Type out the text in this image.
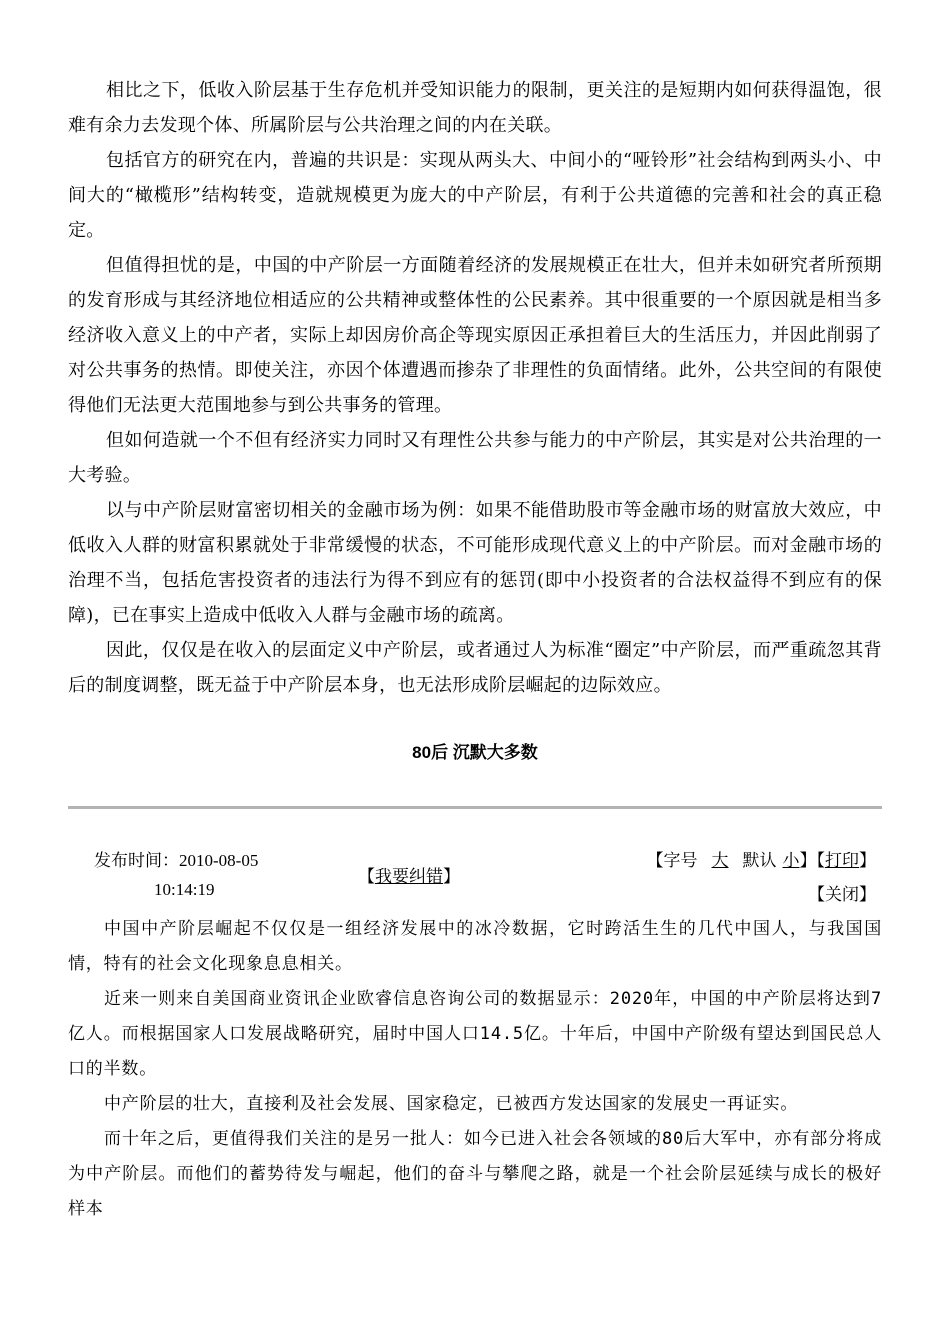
相比之下，低收入阶层基于生存危机并受知识能力的限制，更关注的是短期内如何获得温饱，很难有余力去发现个体、所属阶层与公共治理之间的内在关联。

包括官方的研究在内，普遍的共识是：实现从两头大、中间小的“哑铃形”社会结构到两头小、中间大的“橄榄形”结构转变，造就规模更为庞大的中产阶层，有利于公共道德的完善和社会的真正稳定。

但值得担忧的是，中国的中产阶层一方面随着经济的发展规模正在壮大，但并未如研究者所预期的发育形成与其经济地位相适应的公共精神或整体性的公民素养。其中很重要的一个原因就是相当多经济收入意义上的中产者，实际上却因房价高企等现实原因正承担着巨大的生活压力，并因此削弱了对公共事务的热情。即使关注，亦因个体遭遇而掺杂了非理性的负面情绪。此外，公共空间的有限使得他们无法更大范围地参与到公共事务的管理。

但如何造就一个不但有经济实力同时又有理性公共参与能力的中产阶层，其实是对公共治理的一大考验。

以与中产阶层财富密切相关的金融市场为例：如果不能借助股市等金融市场的财富放大效应，中低收入人群的财富积累就处于非常缓慢的状态，不可能形成现代意义上的中产阶层。而对金融市场的治理不当，包括危害投资者的违法行为得不到应有的惩罚(即中小投资者的合法权益得不到应有的保障)，已在事实上造成中低收入人群与金融市场的疏离。

因此，仅仅是在收入的层面定义中产阶层，或者通过人为标准“圈定”中产阶层，而严重疏忽其背后的制度调整，既无益于中产阶层本身，也无法形成阶层崛起的边际效应。

80后 沉默大多数
发布时间：2010-08-05
10:14:19
【我要纠错】
【字号 大 默认 小】【打印】
【关闭】

中国中产阶层崛起不仅仅是一组经济发展中的冰冷数据，它时跨活生生的几代中国人，与我国国情，特有的社会文化现象息息相关。

近来一则来自美国商业资讯企业欧睿信息咨询公司的数据显示：2020年，中国的中产阶层将达到7亿人。而根据国家人口发展战略研究，届时中国人口14.5亿。十年后，中国中产阶级有望达到国民总人口的半数。

中产阶层的壮大，直接利及社会发展、国家稳定，已被西方发达国家的发展史一再证实。

而十年之后，更值得我们关注的是另一批人：如今已进入社会各领域的80后大军中，亦有部分将成为中产阶层。而他们的蓄势待发与崛起，他们的奋斗与攀爬之路，就是一个社会阶层延续与成长的极好样本
